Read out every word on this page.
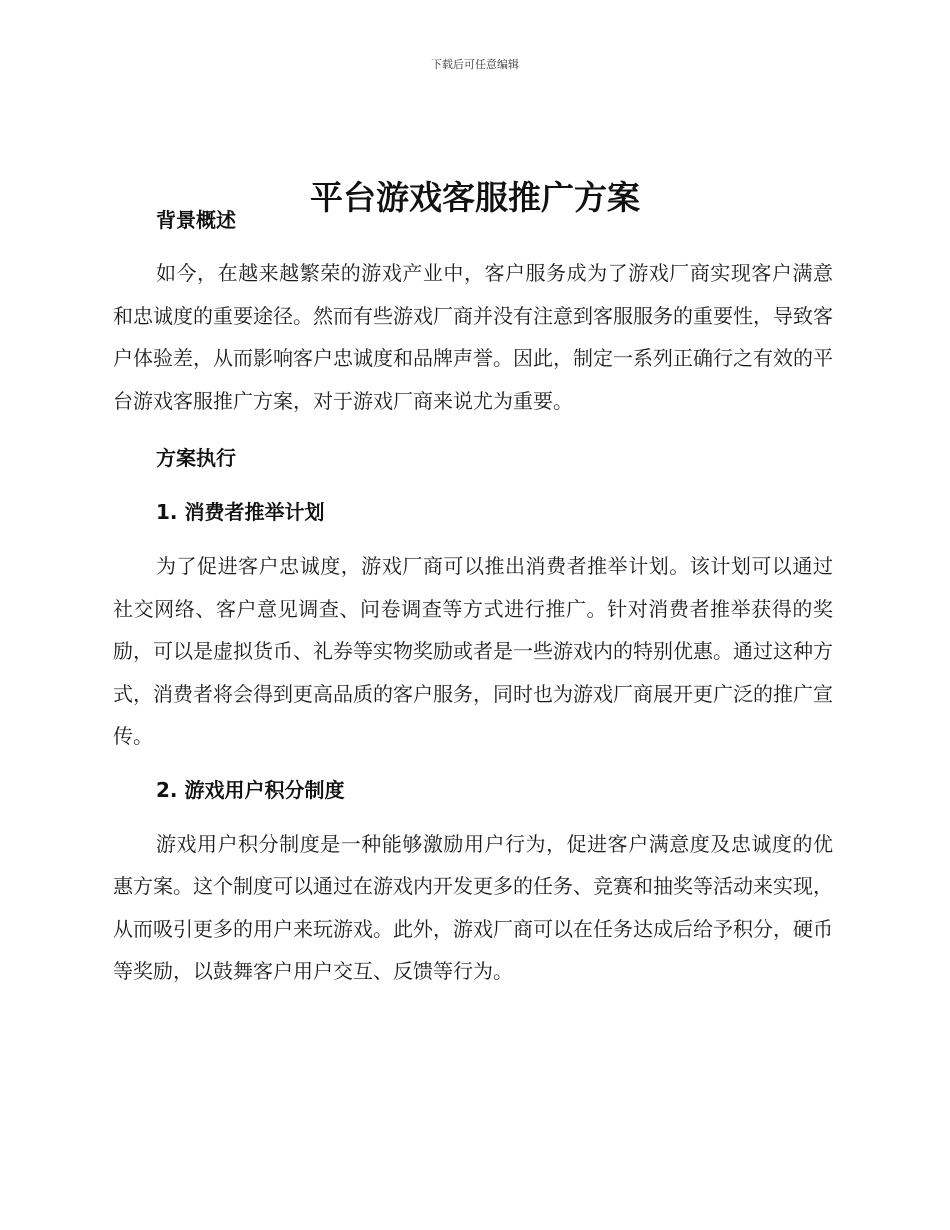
下载后可任意编辑
平台游戏客服推广方案
背景概述

如今，在越来越繁荣的游戏产业中，客户服务成为了游戏厂商实现客户满意和忠诚度的重要途径。然而有些游戏厂商并没有注意到客服服务的重要性，导致客户体验差，从而影响客户忠诚度和品牌声誉。因此，制定一系列正确行之有效的平台游戏客服推广方案，对于游戏厂商来说尤为重要。

方案执行
1. 消费者推举计划

为了促进客户忠诚度，游戏厂商可以推出消费者推举计划。该计划可以通过社交网络、客户意见调查、问卷调查等方式进行推广。针对消费者推举获得的奖励，可以是虚拟货币、礼券等实物奖励或者是一些游戏内的特别优惠。通过这种方式，消费者将会得到更高品质的客户服务，同时也为游戏厂商展开更广泛的推广宣传。

2. 游戏用户积分制度

游戏用户积分制度是一种能够激励用户行为，促进客户满意度及忠诚度的优惠方案。这个制度可以通过在游戏内开发更多的任务、竞赛和抽奖等活动来实现，从而吸引更多的用户来玩游戏。此外，游戏厂商可以在任务达成后给予积分，硬币等奖励，以鼓舞客户用户交互、反馈等行为。
